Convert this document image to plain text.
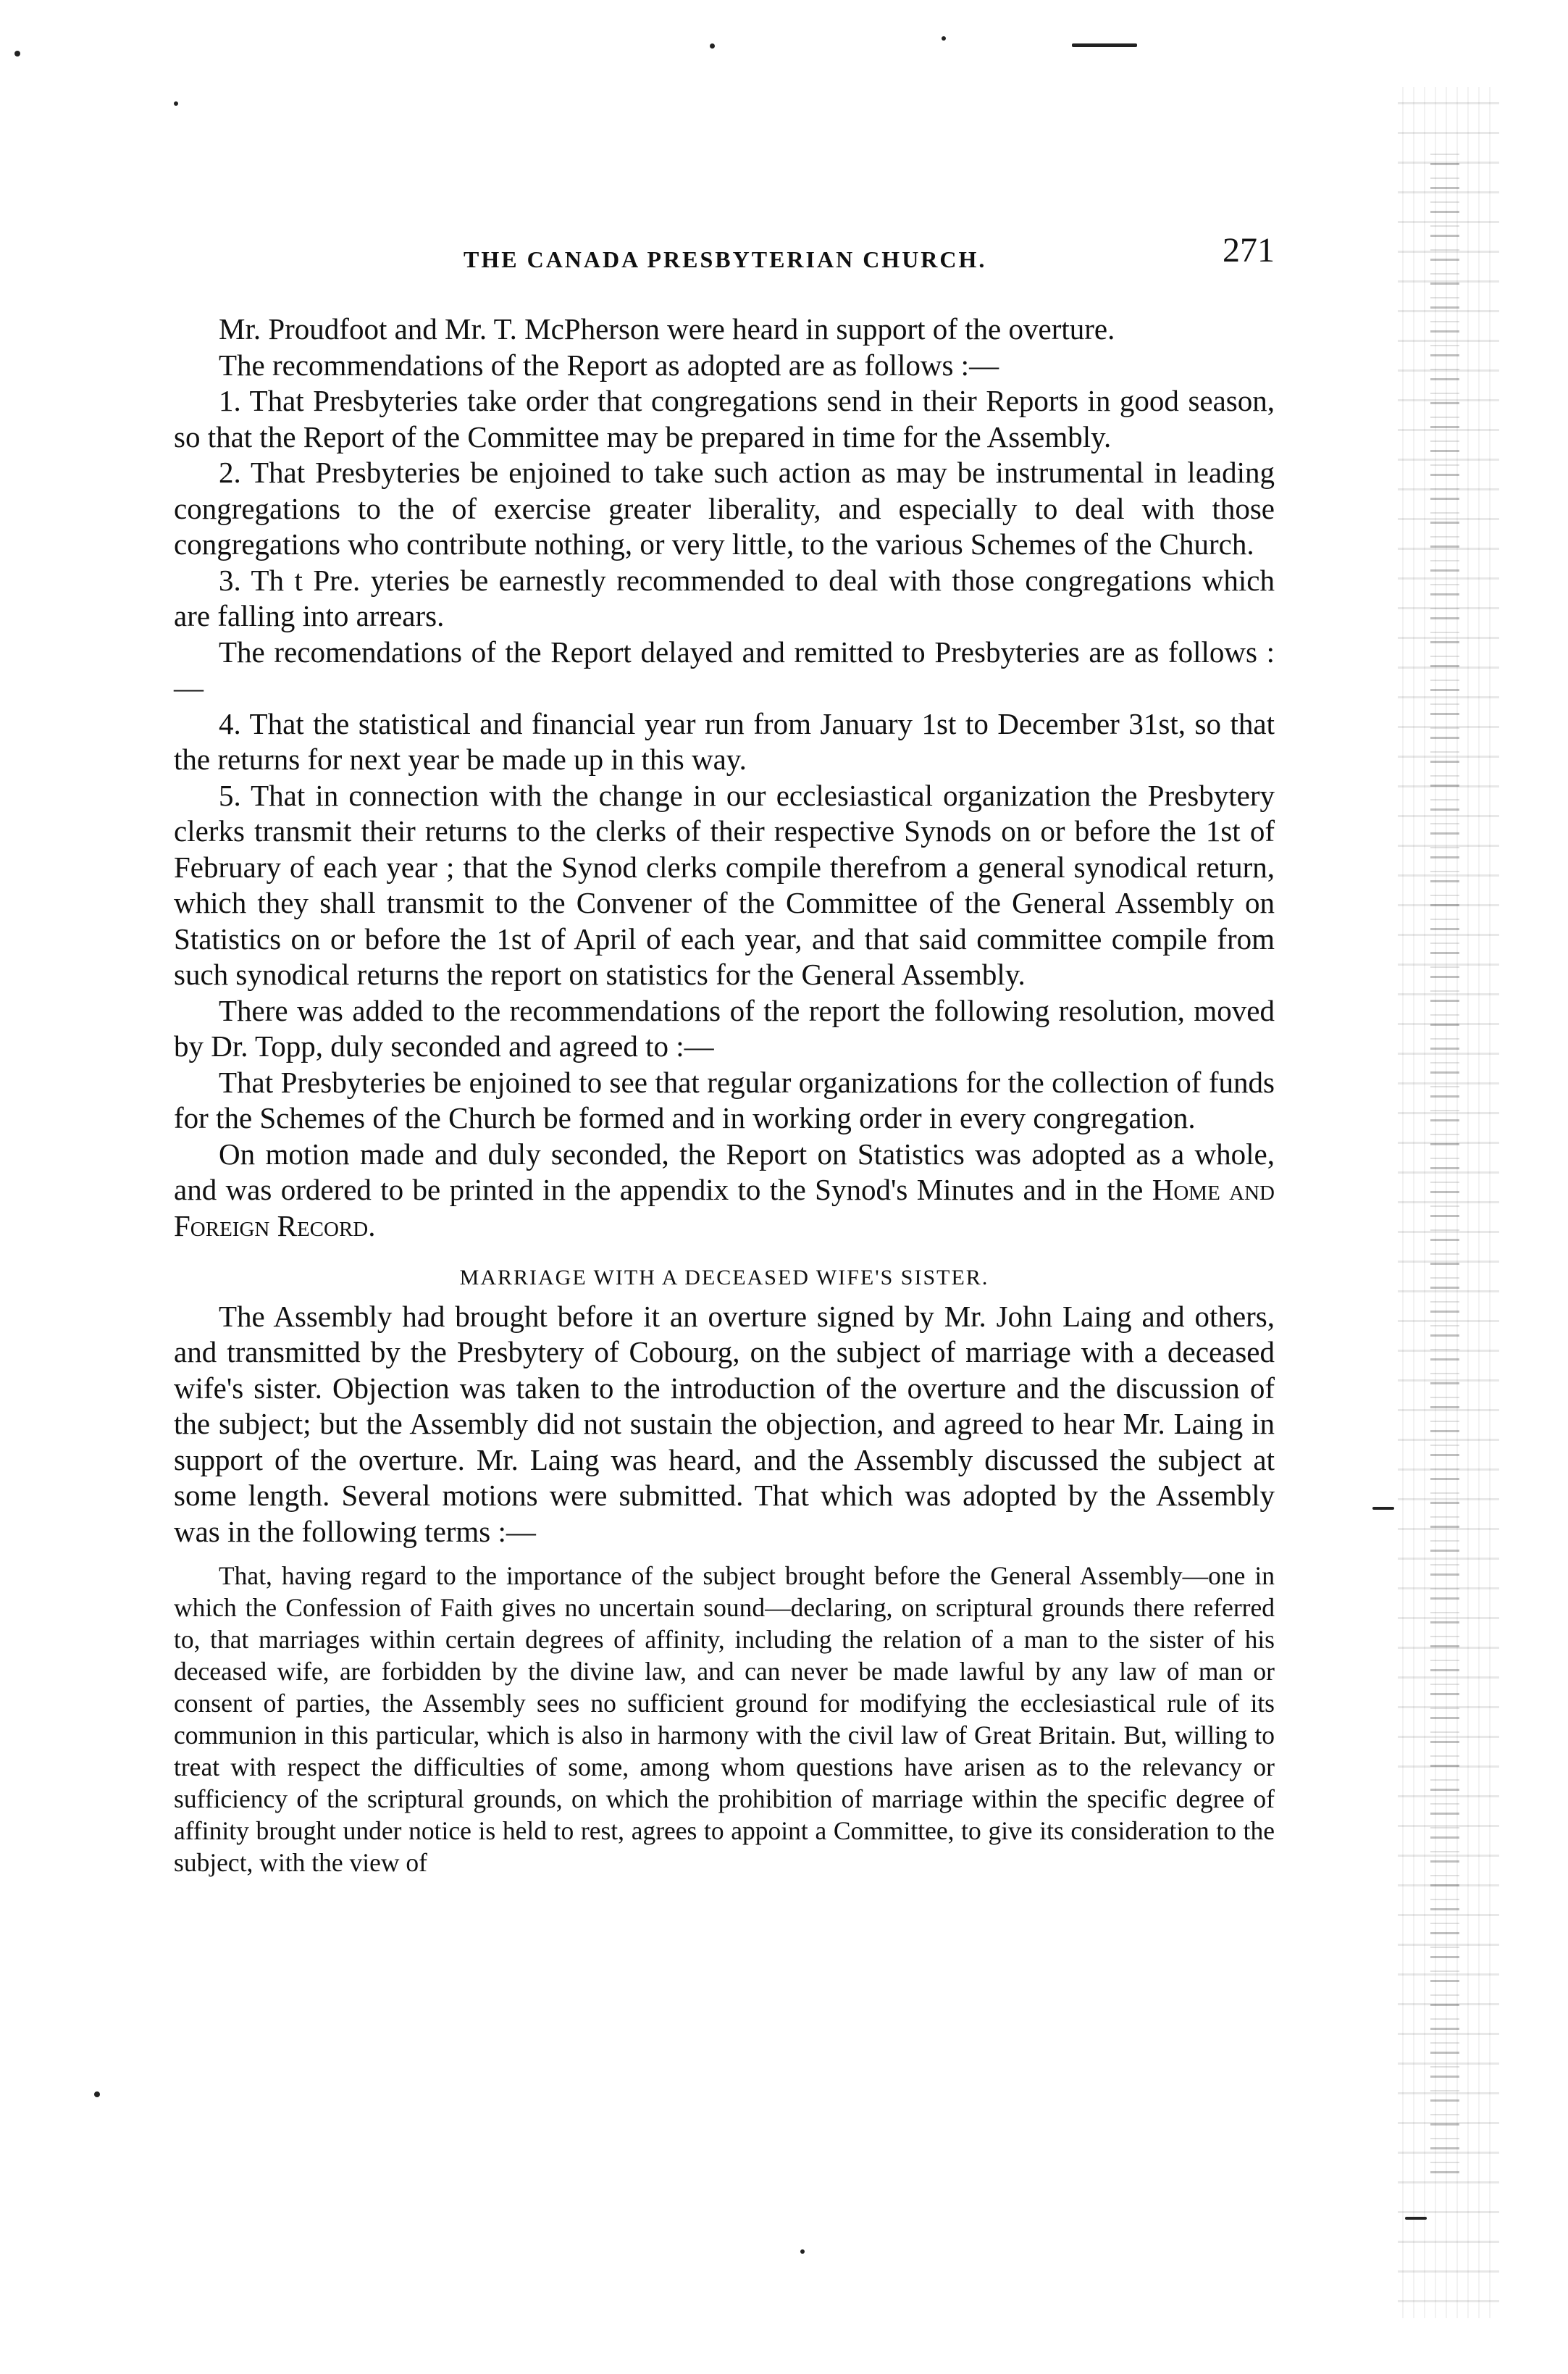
THE CANADA PRESBYTERIAN CHURCH.	271

Mr. Proudfoot and Mr. T. McPherson were heard in support of the overture.

The recommendations of the Report as adopted are as follows :—

1. That Presbyteries take order that congregations send in their Reports in good season, so that the Report of the Committee may be prepared in time for the Assembly.

2. That Presbyteries be enjoined to take such action as may be instrumental in leading congregations to the of exercise greater liberality, and especially to deal with those congregations who contribute nothing, or very little, to the various Schemes of the Church.

3. Th t Pre. yteries be earnestly recommended to deal with those congregations which are falling into arrears.

The recomendations of the Report delayed and remitted to Presbyteries are as follows :—

4. That the statistical and financial year run from January 1st to December 31st, so that the returns for next year be made up in this way.

5. That in connection with the change in our ecclesiastical organization the Presbytery clerks transmit their returns to the clerks of their respective Synods on or before the 1st of February of each year ; that the Synod clerks compile therefrom a general synodical return, which they shall transmit to the Convener of the Committee of the General Assembly on Statistics on or before the 1st of April of each year, and that said committee compile from such synodical returns the report on statistics for the General Assembly.

There was added to the recommendations of the report the following resolution, moved by Dr. Topp, duly seconded and agreed to :—

That Presbyteries be enjoined to see that regular organizations for the collection of funds for the Schemes of the Church be formed and in working order in every congregation.

On motion made and duly seconded, the Report on Statistics was adopted as a whole, and was ordered to be printed in the appendix to the Synod's Minutes and in the Home and Foreign Record.

MARRIAGE WITH A DECEASED WIFE'S SISTER.

The Assembly had brought before it an overture signed by Mr. John Laing and others, and transmitted by the Presbytery of Cobourg, on the subject of marriage with a deceased wife's sister. Objection was taken to the introduction of the overture and the discussion of the subject; but the Assembly did not sustain the objection, and agreed to hear Mr. Laing in support of the overture. Mr. Laing was heard, and the Assembly discussed the subject at some length. Several motions were submitted. That which was adopted by the Assembly was in the following terms :—

That, having regard to the importance of the subject brought before the General Assembly—one in which the Confession of Faith gives no uncertain sound—declaring, on scriptural grounds there referred to, that marriages within certain degrees of affinity, including the relation of a man to the sister of his deceased wife, are forbidden by the divine law, and can never be made lawful by any law of man or consent of parties, the Assembly sees no sufficient ground for modifying the ecclesiastical rule of its communion in this particular, which is also in harmony with the civil law of Great Britain. But, willing to treat with respect the difficulties of some, among whom questions have arisen as to the relevancy or sufficiency of the scriptural grounds, on which the prohibition of marriage within the specific degree of affinity brought under notice is held to rest, agrees to appoint a Committee, to give its consideration to the subject, with the view of
